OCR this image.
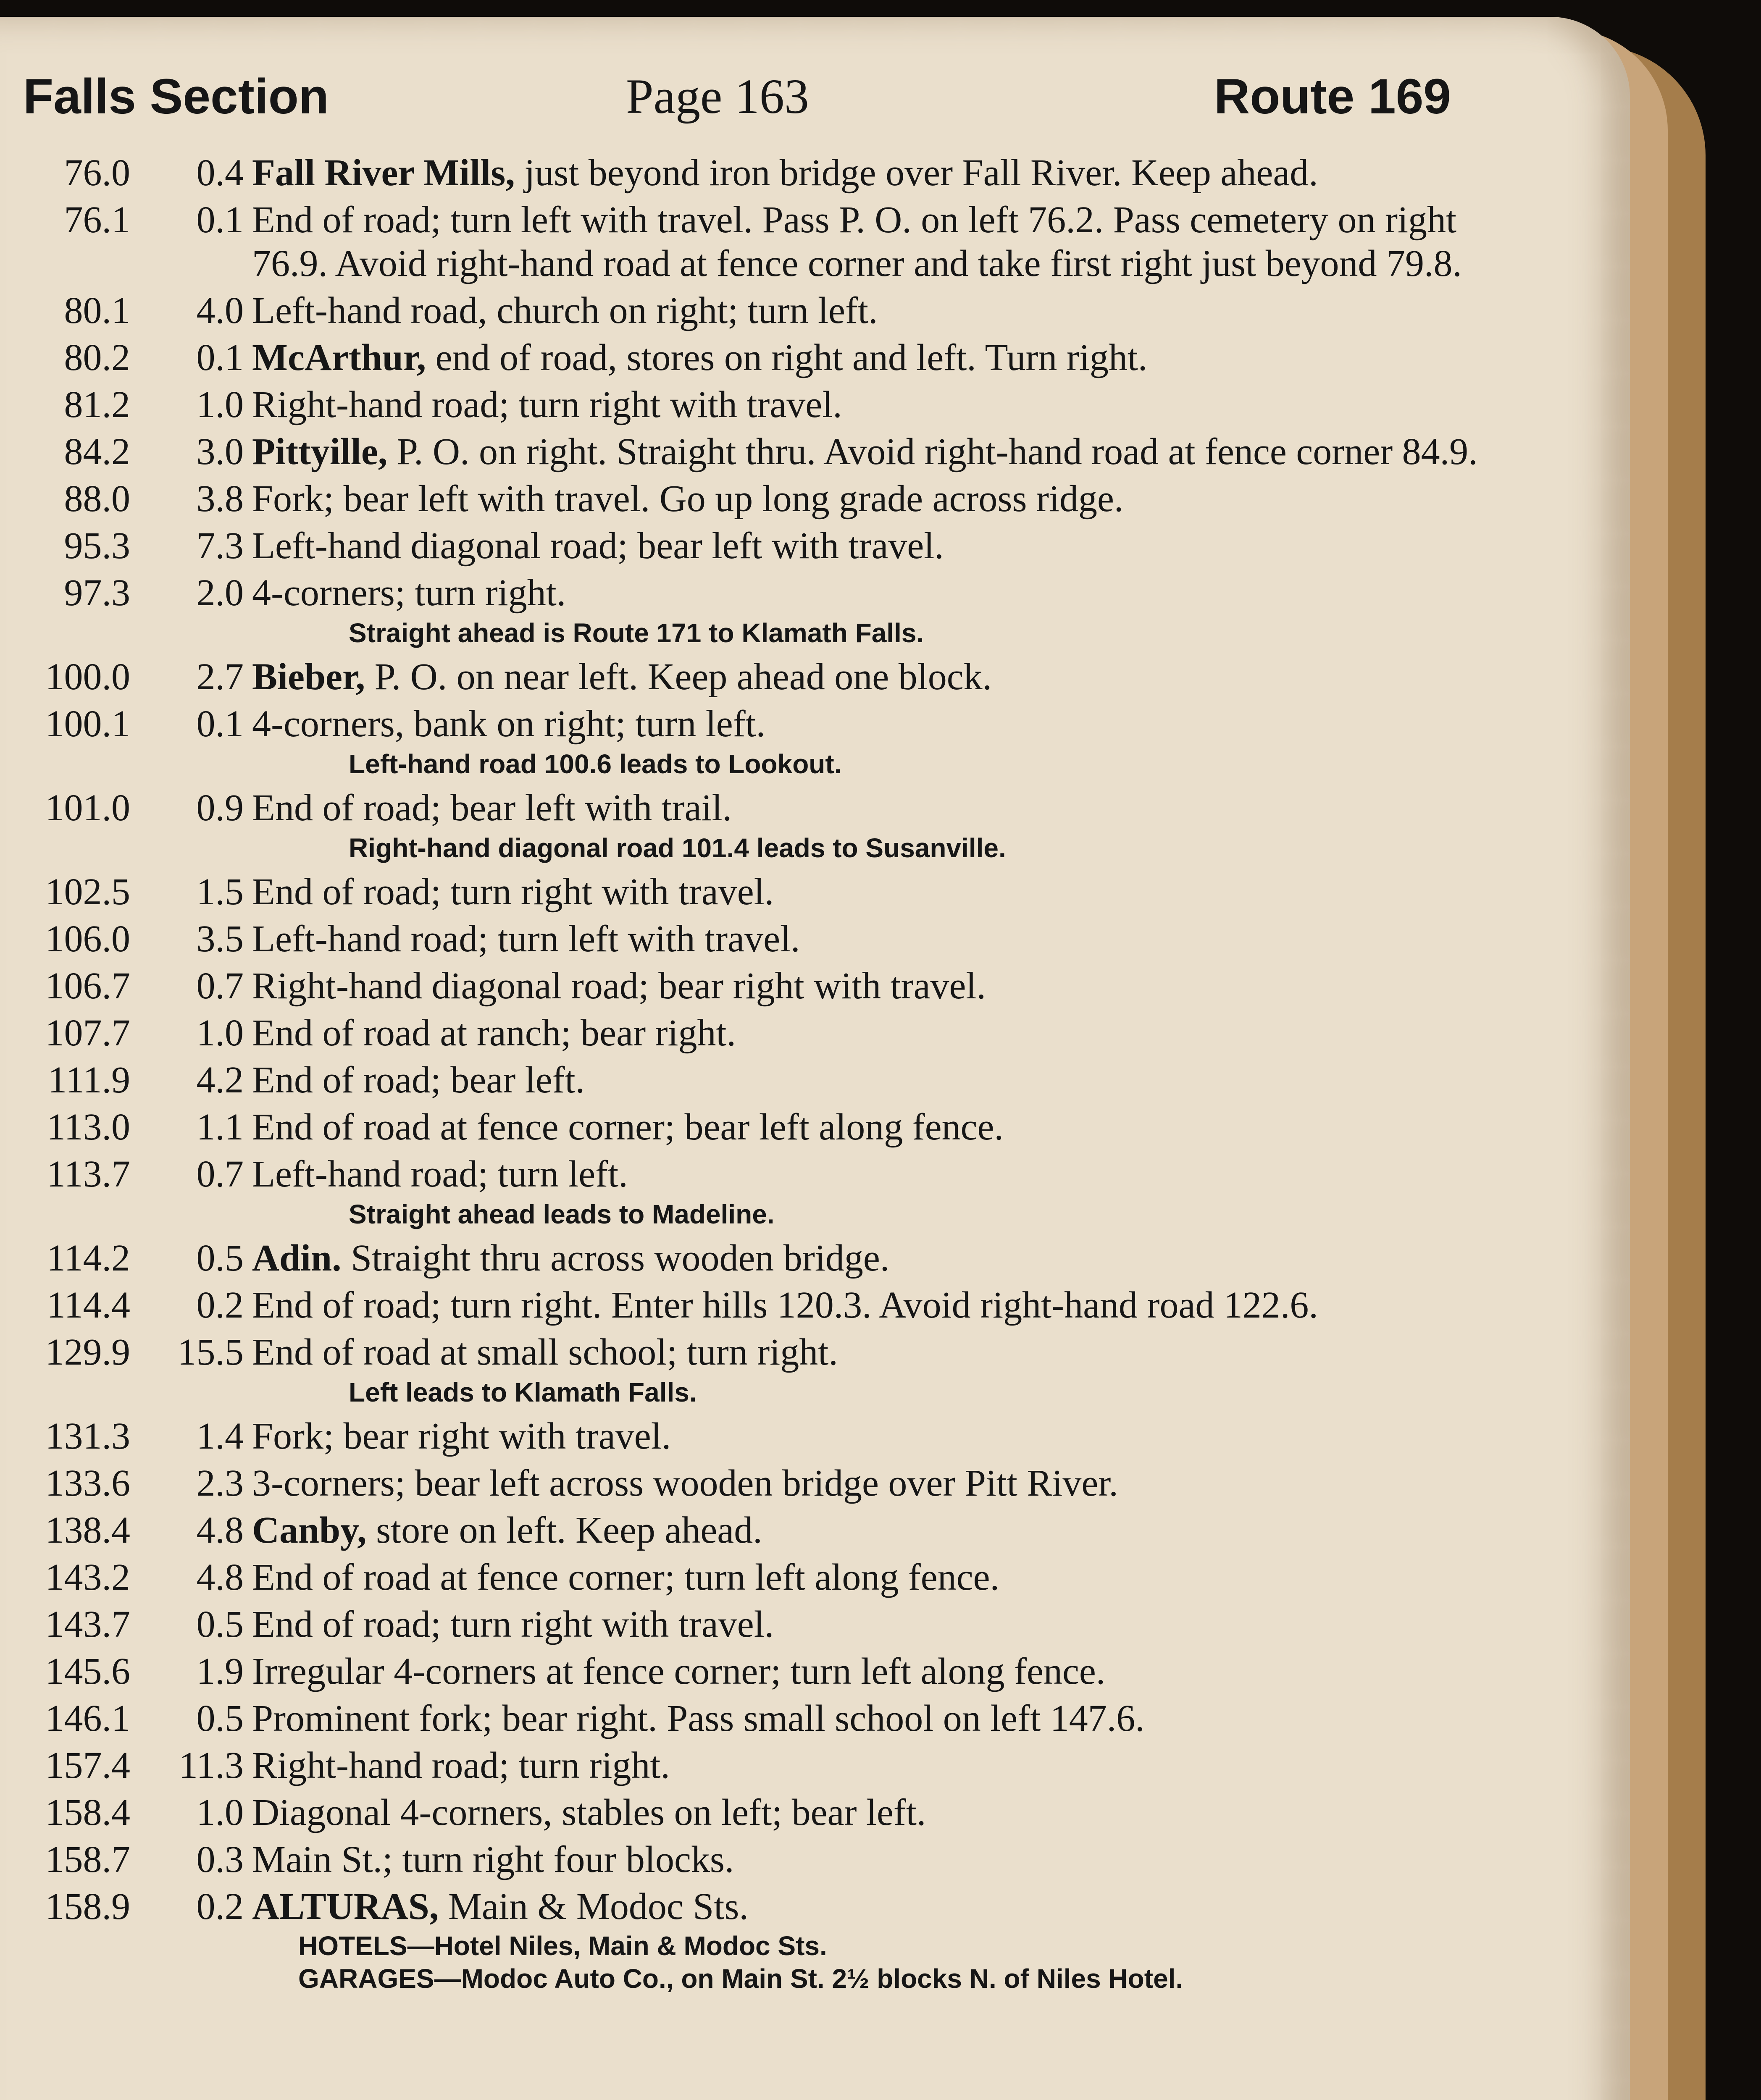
Falls Section	Page 163	Route 169
76.0	0.4 Fall River Mills, just beyond iron bridge over Fall River. Keep ahead.
76.1	0.1 End of road; turn left with travel. Pass P. O. on left 76.2. Pass cemetery on right 76.9. Avoid right-hand road at fence corner and take first right just beyond 79.8.
80.1	4.0 Left-hand road, church on right; turn left.
80.2	0.1 McArthur, end of road, stores on right and left. Turn right.
81.2	1.0 Right-hand road; turn right with travel.
84.2	3.0 Pittyille, P. O. on right. Straight thru. Avoid right-hand road at fence corner 84.9.
88.0	3.8 Fork; bear left with travel. Go up long grade across ridge.
95.3	7.3 Left-hand diagonal road; bear left with travel.
97.3	2.0 4-corners; turn right.
Straight ahead is Route 171 to Klamath Falls.
100.0	2.7 Bieber, P. O. on near left. Keep ahead one block.
100.1	0.1 4-corners, bank on right; turn left.
Left-hand road 100.6 leads to Lookout.
101.0	0.9 End of road; bear left with trail.
Right-hand diagonal road 101.4 leads to Susanville.
102.5	1.5 End of road; turn right with travel.
106.0	3.5 Left-hand road; turn left with travel.
106.7	0.7 Right-hand diagonal road; bear right with travel.
107.7	1.0 End of road at ranch; bear right.
111.9	4.2 End of road; bear left.
113.0	1.1 End of road at fence corner; bear left along fence.
113.7	0.7 Left-hand road; turn left.
Straight ahead leads to Madeline.
114.2	0.5 Adin. Straight thru across wooden bridge.
114.4	0.2 End of road; turn right. Enter hills 120.3. Avoid right-hand road 122.6.
129.9	15.5 End of road at small school; turn right.
Left leads to Klamath Falls.
131.3	1.4 Fork; bear right with travel.
133.6	2.3 3-corners; bear left across wooden bridge over Pitt River.
138.4	4.8 Canby, store on left. Keep ahead.
143.2	4.8 End of road at fence corner; turn left along fence.
143.7	0.5 End of road; turn right with travel.
145.6	1.9 Irregular 4-corners at fence corner; turn left along fence.
146.1	0.5 Prominent fork; bear right. Pass small school on left 147.6.
157.4	11.3 Right-hand road; turn right.
158.4	1.0 Diagonal 4-corners, stables on left; bear left.
158.7	0.3 Main St.; turn right four blocks.
158.9	0.2 ALTURAS, Main & Modoc Sts.
HOTELS—Hotel Niles, Main & Modoc Sts.
GARAGES—Modoc Auto Co., on Main St. 2½ blocks N. of Niles Hotel.
